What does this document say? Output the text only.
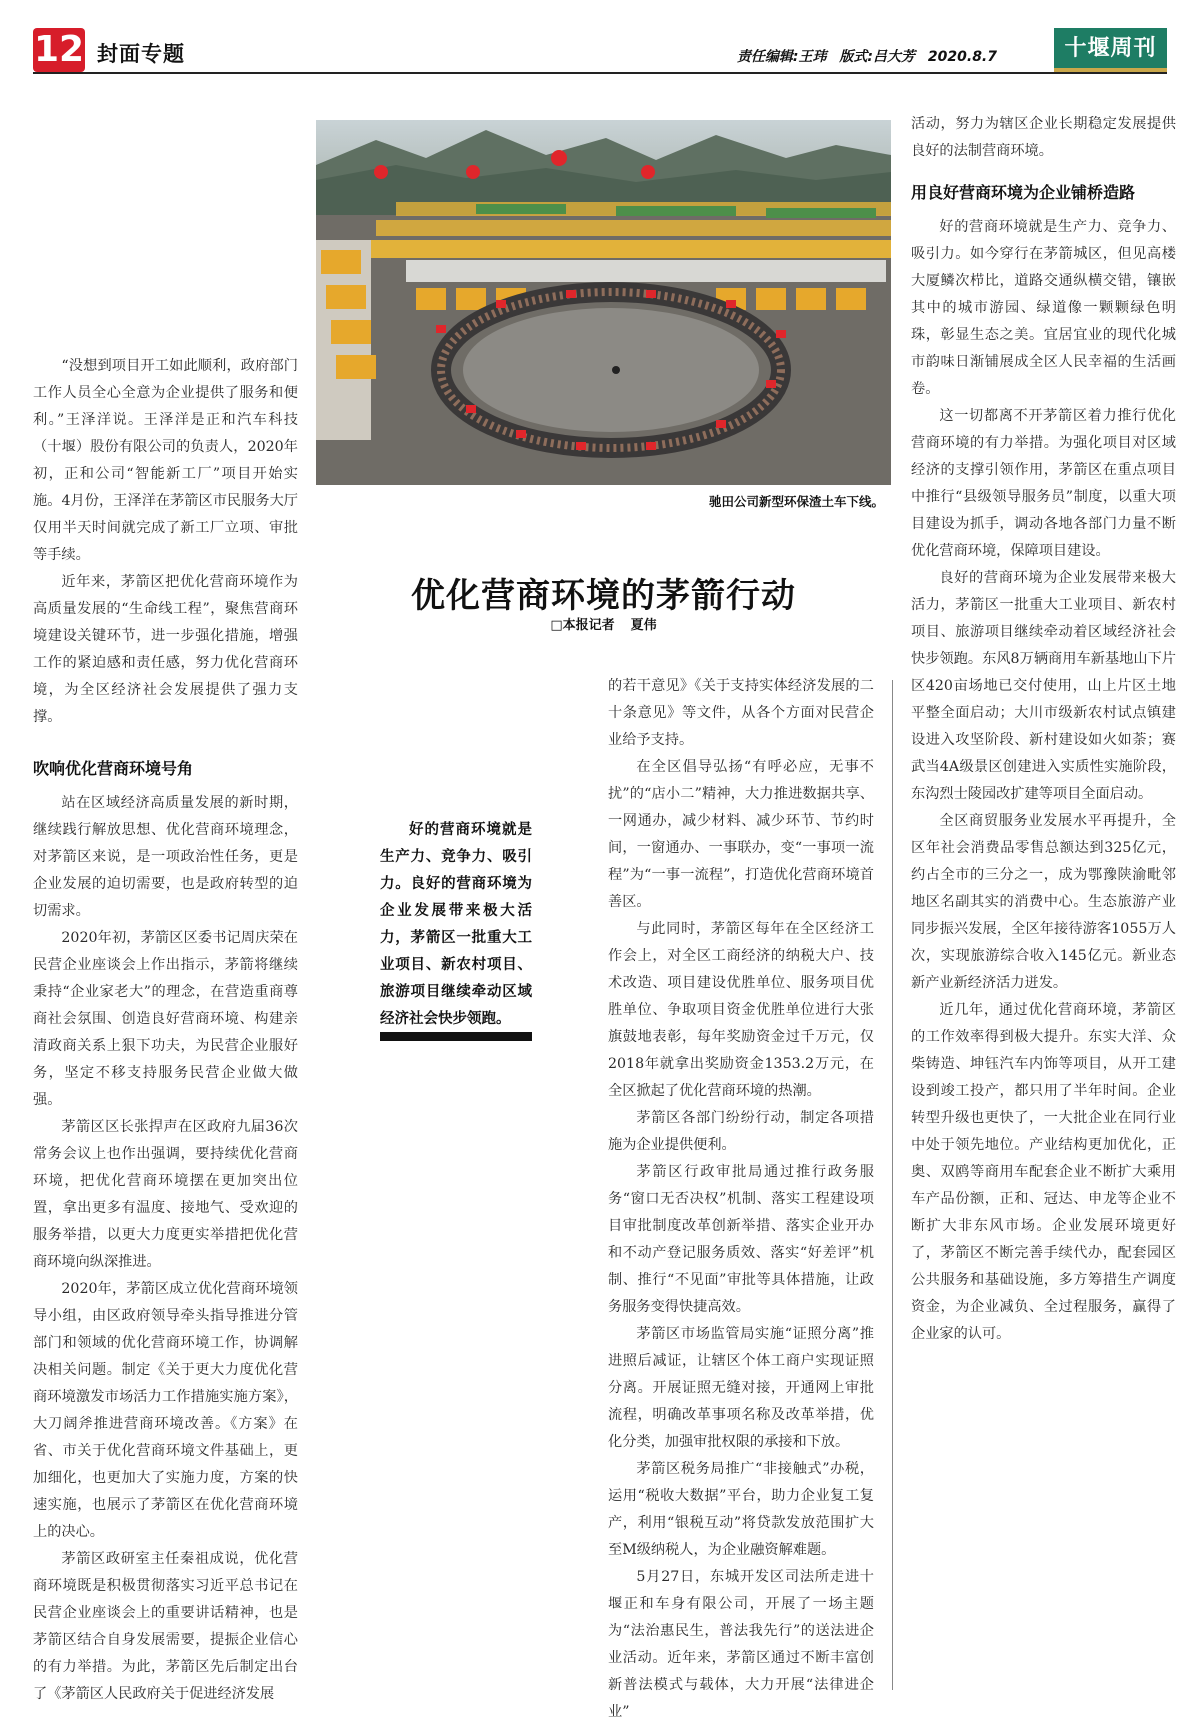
12 封面专题	责任编辑:王玮 版式:吕大芳 2020.8.7	十堰周刊

“没想到项目开工如此顺利，政府部门工作人员全心全意为企业提供了服务和便利。”王泽洋说。王泽洋是正和汽车科技（十堰）股份有限公司的负责人，2020年初，正和公司“智能新工厂”项目开始实施。4月份，王泽洋在茅箭区市民服务大厅仅用半天时间就完成了新工厂立项、审批等手续。

近年来，茅箭区把优化营商环境作为高质量发展的“生命线工程”，聚焦营商环境建设关键环节，进一步强化措施，增强工作的紧迫感和责任感，努力优化营商环境，为全区经济社会发展提供了强力支撑。

吹响优化营商环境号角

站在区域经济高质量发展的新时期，继续践行解放思想、优化营商环境理念，对茅箭区来说，是一项政治性任务，更是企业发展的迫切需要，也是政府转型的迫切需求。

2020年初，茅箭区区委书记周庆荣在民营企业座谈会上作出指示，茅箭将继续秉持“企业家老大”的理念，在营造重商尊商社会氛围、创造良好营商环境、构建亲清政商关系上狠下功夫，为民营企业服好务，坚定不移支持服务民营企业做大做强。

茅箭区区长张捍声在区政府九届36次常务会议上也作出强调，要持续优化营商环境，把优化营商环境摆在更加突出位置，拿出更多有温度、接地气、受欢迎的服务举措，以更大力度更实举措把优化营商环境向纵深推进。

2020年，茅箭区成立优化营商环境领导小组，由区政府领导牵头指导推进分管部门和领域的优化营商环境工作，协调解决相关问题。制定《关于更大力度优化营商环境激发市场活力工作措施实施方案》，大刀阔斧推进营商环境改善。《方案》在省、市关于优化营商环境文件基础上，更加细化，也更加大了实施力度，方案的快速实施，也展示了茅箭区在优化营商环境上的决心。

茅箭区政研室主任秦祖成说，优化营商环境既是积极贯彻落实习近平总书记在民营企业座谈会上的重要讲话精神，也是茅箭区结合自身发展需要，提振企业信心的有力举措。为此，茅箭区先后制定出台了《茅箭区人民政府关于促进经济发展

驰田公司新型环保渣土车下线。
优化营商环境的茅箭行动
□本报记者 夏伟

好的营商环境就是生产力、竞争力、吸引力。良好的营商环境为企业发展带来极大活力，茅箭区一批重大工业项目、新农村项目、旅游项目继续牵动区域经济社会快步领跑。

的若干意见》《关于支持实体经济发展的二十条意见》等文件，从各个方面对民营企业给予支持。

在全区倡导弘扬“有呼必应，无事不扰”的“店小二”精神，大力推进数据共享、一网通办，减少材料、减少环节、节约时间，一窗通办、一事联办，变“一事项一流程”为“一事一流程”，打造优化营商环境首善区。

与此同时，茅箭区每年在全区经济工作会上，对全区工商经济的纳税大户、技术改造、项目建设优胜单位、服务项目优胜单位、争取项目资金优胜单位进行大张旗鼓地表彰，每年奖励资金过千万元，仅2018年就拿出奖励资金1353.2万元，在全区掀起了优化营商环境的热潮。

茅箭区各部门纷纷行动，制定各项措施为企业提供便利。

茅箭区行政审批局通过推行政务服务“窗口无否决权”机制、落实工程建设项目审批制度改革创新举措、落实企业开办和不动产登记服务质效、落实“好差评”机制、推行“不见面”审批等具体措施，让政务服务变得快捷高效。

茅箭区市场监管局实施“证照分离”推进照后减证，让辖区个体工商户实现证照分离。开展证照无缝对接，开通网上审批流程，明确改革事项名称及改革举措，优化分类，加强审批权限的承接和下放。

茅箭区税务局推广“非接触式”办税，运用“税收大数据”平台，助力企业复工复产，利用“银税互动”将贷款发放范围扩大至M级纳税人，为企业融资解难题。

5月27日，东城开发区司法所走进十堰正和车身有限公司，开展了一场主题为“法治惠民生，普法我先行”的送法进企业活动。近年来，茅箭区通过不断丰富创新普法模式与载体，大力开展“法律进企业”

活动，努力为辖区企业长期稳定发展提供良好的法制营商环境。

用良好营商环境为企业铺桥造路

好的营商环境就是生产力、竞争力、吸引力。如今穿行在茅箭城区，但见高楼大厦鳞次栉比，道路交通纵横交错，镶嵌其中的城市游园、绿道像一颗颗绿色明珠，彰显生态之美。宜居宜业的现代化城市韵味日渐铺展成全区人民幸福的生活画卷。

这一切都离不开茅箭区着力推行优化营商环境的有力举措。为强化项目对区域经济的支撑引领作用，茅箭区在重点项目中推行“县级领导服务员”制度，以重大项目建设为抓手，调动各地各部门力量不断优化营商环境，保障项目建设。

良好的营商环境为企业发展带来极大活力，茅箭区一批重大工业项目、新农村项目、旅游项目继续牵动着区域经济社会快步领跑。东风8万辆商用车新基地山下片区420亩场地已交付使用，山上片区土地平整全面启动；大川市级新农村试点镇建设进入攻坚阶段、新村建设如火如荼；赛武当4A级景区创建进入实质性实施阶段，东沟烈士陵园改扩建等项目全面启动。

全区商贸服务业发展水平再提升，全区年社会消费品零售总额达到325亿元，约占全市的三分之一，成为鄂豫陕渝毗邻地区名副其实的消费中心。生态旅游产业同步振兴发展，全区年接待游客1055万人次，实现旅游综合收入145亿元。新业态新产业新经济活力迸发。

近几年，通过优化营商环境，茅箭区的工作效率得到极大提升。东实大洋、众柴铸造、坤钰汽车内饰等项目，从开工建设到竣工投产，都只用了半年时间。企业转型升级也更快了，一大批企业在同行业中处于领先地位。产业结构更加优化，正奥、双鸥等商用车配套企业不断扩大乘用车产品份额，正和、冠达、申龙等企业不断扩大非东风市场。企业发展环境更好了，茅箭区不断完善手续代办，配套园区公共服务和基础设施，多方筹措生产调度资金，为企业减负、全过程服务，赢得了企业家的认可。
